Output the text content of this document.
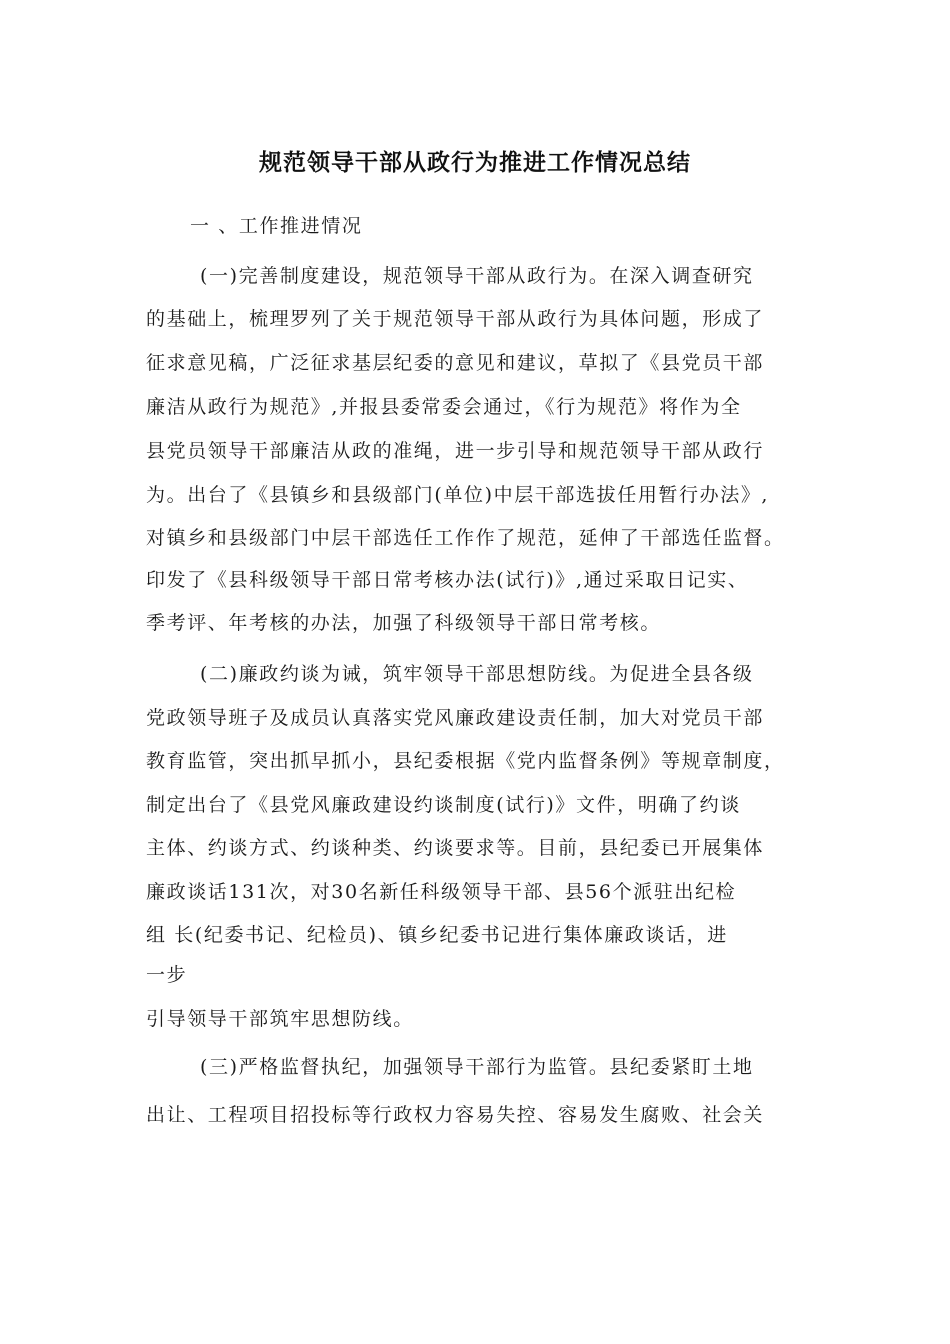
规范领导干部从政行为推进工作情况总结
一 、工作推进情况
(一)完善制度建设，规范领导干部从政行为。在深入调查研究
的基础上，梳理罗列了关于规范领导干部从政行为具体问题，形成了
征求意见稿，广泛征求基层纪委的意见和建议，草拟了《县党员干部
廉洁从政行为规范》,并报县委常委会通过，《行为规范》将作为全
县党员领导干部廉洁从政的准绳，进一步引导和规范领导干部从政行
为。出台了《县镇乡和县级部门(单位)中层干部选拔任用暂行办法》,
对镇乡和县级部门中层干部选任工作作了规范，延伸了干部选任监督。
印发了《县科级领导干部日常考核办法(试行)》,通过采取日记实、
季考评、年考核的办法，加强了科级领导干部日常考核。
(二)廉政约谈为诫，筑牢领导干部思想防线。为促进全县各级
党政领导班子及成员认真落实党风廉政建设责任制，加大对党员干部
教育监管，突出抓早抓小，县纪委根据《党内监督条例》等规章制度，
制定出台了《县党风廉政建设约谈制度(试行)》文件，明确了约谈
主体、约谈方式、约谈种类、约谈要求等。目前，县纪委已开展集体
廉政谈话131次，对30名新任科级领导干部、县56个派驻出纪检
组 长(纪委书记、纪检员)、镇乡纪委书记进行集体廉政谈话，进
一步
引导领导干部筑牢思想防线。
(三)严格监督执纪，加强领导干部行为监管。县纪委紧盯土地
出让、工程项目招投标等行政权力容易失控、容易发生腐败、社会关
